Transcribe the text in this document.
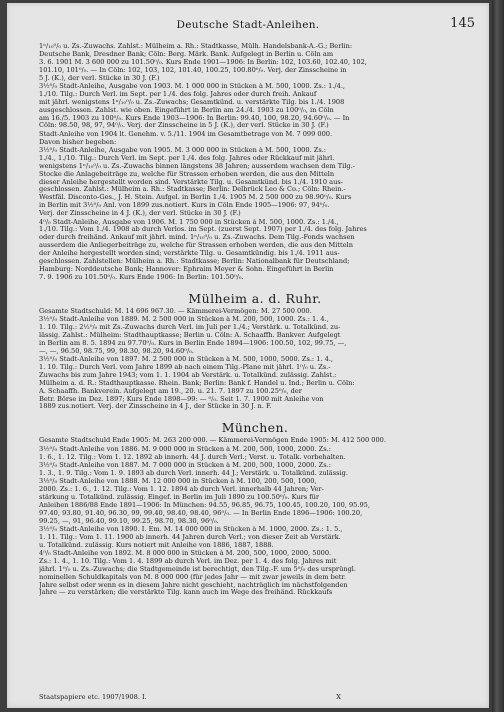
Deutsche Stadt-Anleihen.	145
1ⁿ/₁₀⁰/₀ u. Zs.-Zuwachs. Zahlst.: Mülheim a. Rh.: Stadtkasse, Mülh. Handelsbank-A.-G.; Berlin:
Deutsche Bank, Dresdner Bank; Cöln: Berg. Märk. Bank. Aufgelegt in Berlin u. Cöln am
3. 6. 1901 M. 3 600 000 zu 101.50⁰/₀. Kurs Ende 1901—1906: In Berlin: 102, 103.60, 102.40, 102,
101.10, 101⁰/₀. — In Cöln: 102, 103, 102, 101.40, 100.25, 100.80⁰/₀. Verj. der Zinsscheine in
5 J. (K.), der verl. Stücke in 30 J. (F.)
3½⁰/₀ Stadt-Anleihe, Ausgabe von 1903. M. 1 000 000 in Stücken à M. 500, 1000. Zs.: 1./4.,
1./10. Tilg.: Durch Verl. im Sept. per 1./4. des folg. Jahres oder durch freih. Ankauf
mit jährl. wenigstens 1ⁿ/₁₀⁰/₀ u. Zs.-Zuwachs; Gesamtkünd. u. verstärkte Tilg. bis 1./4. 1908
ausgeschlossen. Zahlst. wie oben. Eingeführt in Berlin am 24./4. 1903 zu 100⁰/₀, in Cöln
am 16./5. 1903 zu 100⁰/₀. Kurs Ende 1903—1906: In Berlin: 99.40, 100, 98.20, 94.60⁰/₀. — In
Cöln: 98.50, 98, 97, 94⁰/₀. Verj. der Zinsscheine in 5 J. (K.), der verl. Stücke in 30 J. (F.)
Stadt-Anleihe von 1904 lt. Genehm. v. 5./11. 1904 im Gesamtbetrage von M. 7 099 000.
Davon bisher begeben:
3½⁰/₀ Stadt-Anleihe, Ausgabe von 1905. M. 3 000 000 in Stücken à M. 500, 1000. Zs.:
1./4., 1./10. Tilg.: Durch Verl. im Sept. per 1./4. des folg. Jahres oder Rückkauf mit jährl.
wenigstens 1ⁿ/₁₀⁰/₀ u. Zs.-Zuwachs binnen längstens 38 Jahren; ausserdem wachsen dem Tilg.-
Stocke die Anlagebeiträge zu, welche für Strassen erhoben werden, die aus den Mitteln
dieser Anleihe hergestellt worden sind. Verstärkte Tilg. u. Gesamtkünd. bis 1./4. 1910 aus-
geschlossen. Zahlst.: Mülheim a. Rh.: Stadtkasse; Berlin: Delbrück Leo & Co.; Cöln: Rhein.-
Westfäl. Disconto-Ges., J. H. Stein. Aufgel. in Berlin 1./4. 1905 M. 2 500 000 zu 98.90⁰/₀. Kurs
in Berlin mit 3½⁰/₀ Anl. von 1899 zus.notiert. Kurs in Cöln Ende 1905—1906: 97, 94⁰/₀.
Verj. der Zinsscheine in 4 J. (K.), der verl. Stücke in 30 J. (F.)
4⁰/₀ Stadt-Anleihe, Ausgabe von 1906. M. 1 750 000 in Stücken à M. 500, 1000. Zs.: 1./4.,
1./10. Tilg.: Vom 1./4. 1908 ab durch Verlos. im Sept. (zuerst Sept. 1907) per 1./4. des folg. Jahres
oder durch freihänd. Ankauf mit jährl. mind. 1ⁿ/₁₀⁰/₀ u. Zs.-Zuwachs. Dem Tilg.-Fonds wachsen
ausserdem die Anliegerbeiträge zu, welche für Strassen erhoben werden, die aus den Mitteln
der Anleihe hergestellt worden sind; verstärkte Tilg. u. Gesamtkündig. bis 1./4. 1911 aus-
geschlossen. Zahlstellen: Mülheim a. Rh.: Stadtkasse; Berlin: Nationalbank für Deutschland;
Hamburg: Norddeutsche Bank; Hannover: Ephraim Meyer & Sohn. Eingeführt in Berlin
7. 9. 1906 zu 101.50⁰/₀. Kurs Ende 1906: In Berlin: 101.50⁰/₀.
Mülheim a. d. Ruhr.
Gesamte Stadtschuld: M. 14 696 967.30. — Kämmerei-Vermögen: M. 27 500 000.
3½⁰/₀ Stadt-Anleihe von 1889. M. 2 500 000 in Stücken à M. 200, 500, 1000. Zs.: 1. 4.,
1. 10. Tilg.: 2¹⁄₂⁰/₀ mit Zs.-Zuwachs durch Verl. im Juli per 1./4.; Verstärk. u. Totalkünd. zu-
lässig. Zahlst.: Mülheim: Stadthauptkasse; Berlin u. Cöln: A. Schaaffh. Bankver. Aufgelegt
in Berlin am 8. 5. 1894 zu 97.70⁰/₀. Kurs in Berlin Ende 1894—1906: 100.50, 102, 99.75, —,
—, —, 96.50, 98.75, 99, 98.30, 98.20, 94.60⁰/₀.
3½⁰/₀ Stadt-Anleihe von 1897. M. 2 500 000 in Stücken à M. 500, 1000, 5000. Zs.: 1. 4.,
1. 10. Tilg.: Durch Verl. vom Jahre 1899 ab nach einem Tilg.-Plane mit jährl. 1⁰/₀ u. Zs.-
Zuwachs bis zum Jahre 1943; vom 1. 1. 1904 ab Verstärk. u. Totalkünd. zulässig. Zahlst.:
Mülheim a. d. R.: Stadthauptkasse. Rhein. Bank; Berlin: Bank f. Handel u. Ind.; Berlin u. Cöln:
A. Schaaffh. Bankverein. Aufgelegt am 19., 20. u. 21. 7. 1897 zu 100.25⁰/₀, der
Betr. Börse im Dez. 1897; Kurs Ende 1898—99: — ⁰/₀. Seit 1. 7. 1900 mit Anleihe von
1889 zus.notiert. Verj. der Zinsscheine in 4 J., der Stücke in 30 J. n. F.
München.
Gesamte Stadtschuld Ende 1905: M. 263 200 000. — Kämmerei-Vermögen Ende 1905: M. 412 500 000.
3½⁰/₀ Stadt-Anleihe von 1886. M. 9 000 000 in Stücken à M. 200, 500, 1000, 2000. Zs.:
1. 6., 1. 12. Tilg.: Vom 1. 12. 1892 ab innerh. 44 J. durch Verl.; Verst. u. Totalk. vorbehalten.
3½⁰/₀ Stadt-Anleihe von 1887. M. 7 000 000 in Stücken à M. 200, 500, 1000, 2000. Zs.:
1. 3., 1. 9. Tilg.: Vom 1. 9. 1893 ab durch Verl. innerh. 44 J.; Verstärk. u. Totalkünd. zulässig.
3½⁰/₀ Stadt-Anleihe von 1888. M. 12 000 000 in Stücken à M. 100, 200, 500, 1000,
2000. Zs.: 1. 6., 1. 12. Tilg.: Vom 1. 12. 1894 ab durch Verl. innerhalb 44 Jahren; Ver-
stärkung u. Totalkünd. zulässig. Eingef. in Berlin im Juli 1890 zu 100.50⁰/₀. Kurs für
Anleihen 1886/88 Ende 1891—1906: In München: 94.55, 96.85, 96.75, 100.45, 100.20, 100, 95.95,
97.40, 93.80, 91.40, 96.30, 99, 99.40, 98.40, 98.40, 96⁰/₀. — In Berlin Ende 1896—1906: 100.20,
99.25, —, 91, 96.40, 99.10, 99.25, 98.70, 98.30, 96⁰/₀.
3½⁰/₀ Stadt-Anleihe von 1890. I. Em. M. 14 000 000 in Stücken à M. 1000, 2000. Zs.: 1. 5.,
1. 11. Tilg.: Vom 1. 11. 1900 ab innerh. 44 Jahren durch Verl.; von dieser Zeit ab Verstärk.
u. Totalkünd. zulässig. Kurs notiert mit Anleihe von 1886, 1887, 1888.
4⁰/₀ Stadt-Anleihe von 1892. M. 8 000 000 in Stücken à M. 200, 500, 1000, 2000, 5000.
Zs.: 1. 4., 1. 10. Tilg.: Vom 1. 4. 1899 ab durch Verl. im Dez. per 1. 4. des folg. Jahres mit
jährl. 1⁰/₀ u. Zs.-Zuwachs; die Stadtgemeinde ist berechtigt, den Tilg.-F. um 5⁰/₀ des ursprüngl.
nominellen Schuldkapitals von M. 8 000 000 (für jedes Jahr — mit zwar jeweils in dem betr.
Jahre selbst oder wenn es in diesem Jahre nicht geschieht, nachträglich im nächstfolgenden
Jahre — zu verstärken; die verstärkte Tilg. kann auch im Wege des freihänd. Rückkaufs
Staatspapiere etc. 1907/1908. I.	X
